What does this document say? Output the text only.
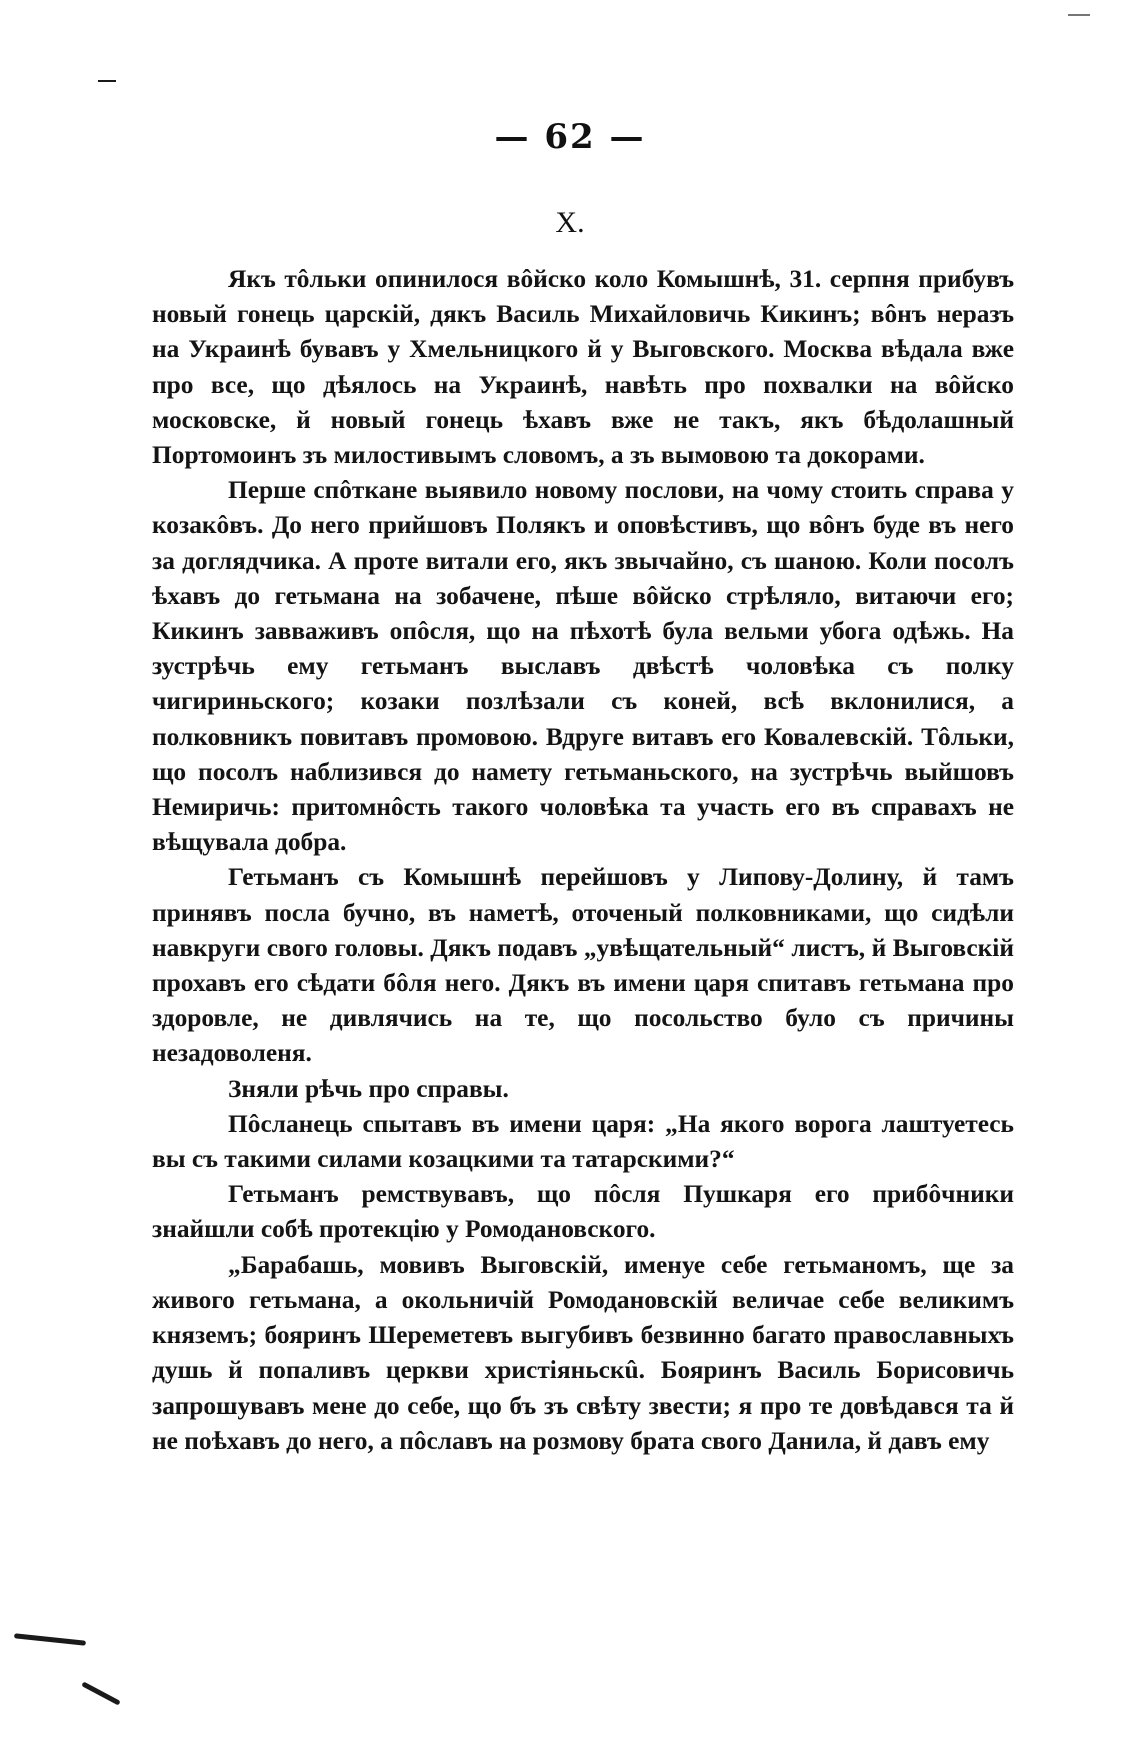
— 62 —
X.

Якъ тôльки опинилося вôйско коло Комышнѣ, 31. серпня прибувъ новый гонець царскій, дякъ Василь Михайловичь Кикинъ; вôнъ неразъ на Украинѣ бувавъ у Хмельницкого й у Выговского. Москва вѣдала вже про все, що дѣялось на Украинѣ, навѣть про похвалки на вôйско московске, й новый гонець ѣхавъ вже не такъ, якъ бѣдолашный Портомоинъ зъ милостивымъ словомъ, а зъ вымовою та докорами.

Перше спôткане выявило новому послови, на чому стоить справа у козакôвъ. До него прийшовъ Полякъ и оповѣстивъ, що вôнъ буде въ него за доглядчика. А проте витали его, якъ звычайно, съ шаною. Коли посолъ ѣхавъ до гетьмана на зобачене, пѣше вôйско стрѣляло, витаючи его; Кикинъ завваживъ опôсля, що на пѣхотѣ була вельми убога одѣжь. На зустрѣчь ему гетьманъ выславъ двѣстѣ чоловѣка съ полку чигириньского; козаки позлѣзали съ коней, всѣ вклонилися, а полковникъ повитавъ промовою. Вдруге витавъ его Ковалевскій. Тôльки, що посолъ наблизився до намету гетьманьского, на зустрѣчь выйшовъ Немиричь: притомнôсть такого чоловѣка та участь его въ справахъ не вѣщувала добра.

Гетьманъ съ Комышнѣ перейшовъ у Липову-Долину, й тамъ принявъ посла бучно, въ наметѣ, оточеный полковниками, що сидѣли навкруги свого головы. Дякъ подавъ „увѣщательный“ листъ, й Выговскій прохавъ его сѣдати бôля него. Дякъ въ имени царя спитавъ гетьмана про здоровле, не дивлячись на те, що посольство було съ причины незадоволеня.

Зняли рѣчь про справы.

Пôсланець спытавъ въ имени царя: „На якого ворога лаштуетесь вы съ такими силами козацкими та татарскими?“

Гетьманъ ремствувавъ, що пôсля Пушкаря его прибôчники знайшли собѣ протекцію у Ромодановского.

„Барабашь, мовивъ Выговскій, именуе себе гетьманомъ, ще за живого гетьмана, а окольничій Ромодановскій величае себе великимъ княземъ; бояринъ Шереметевъ выгубивъ безвинно багато православныхъ душь й попаливъ церкви христіяньскû. Бояринъ Василь Борисовичь запрошувавъ мене до себе, що бъ зъ свѣту звести; я про те довѣдався та й не поѣхавъ до него, а пôславъ на розмову брата свого Данила, й давъ ему
